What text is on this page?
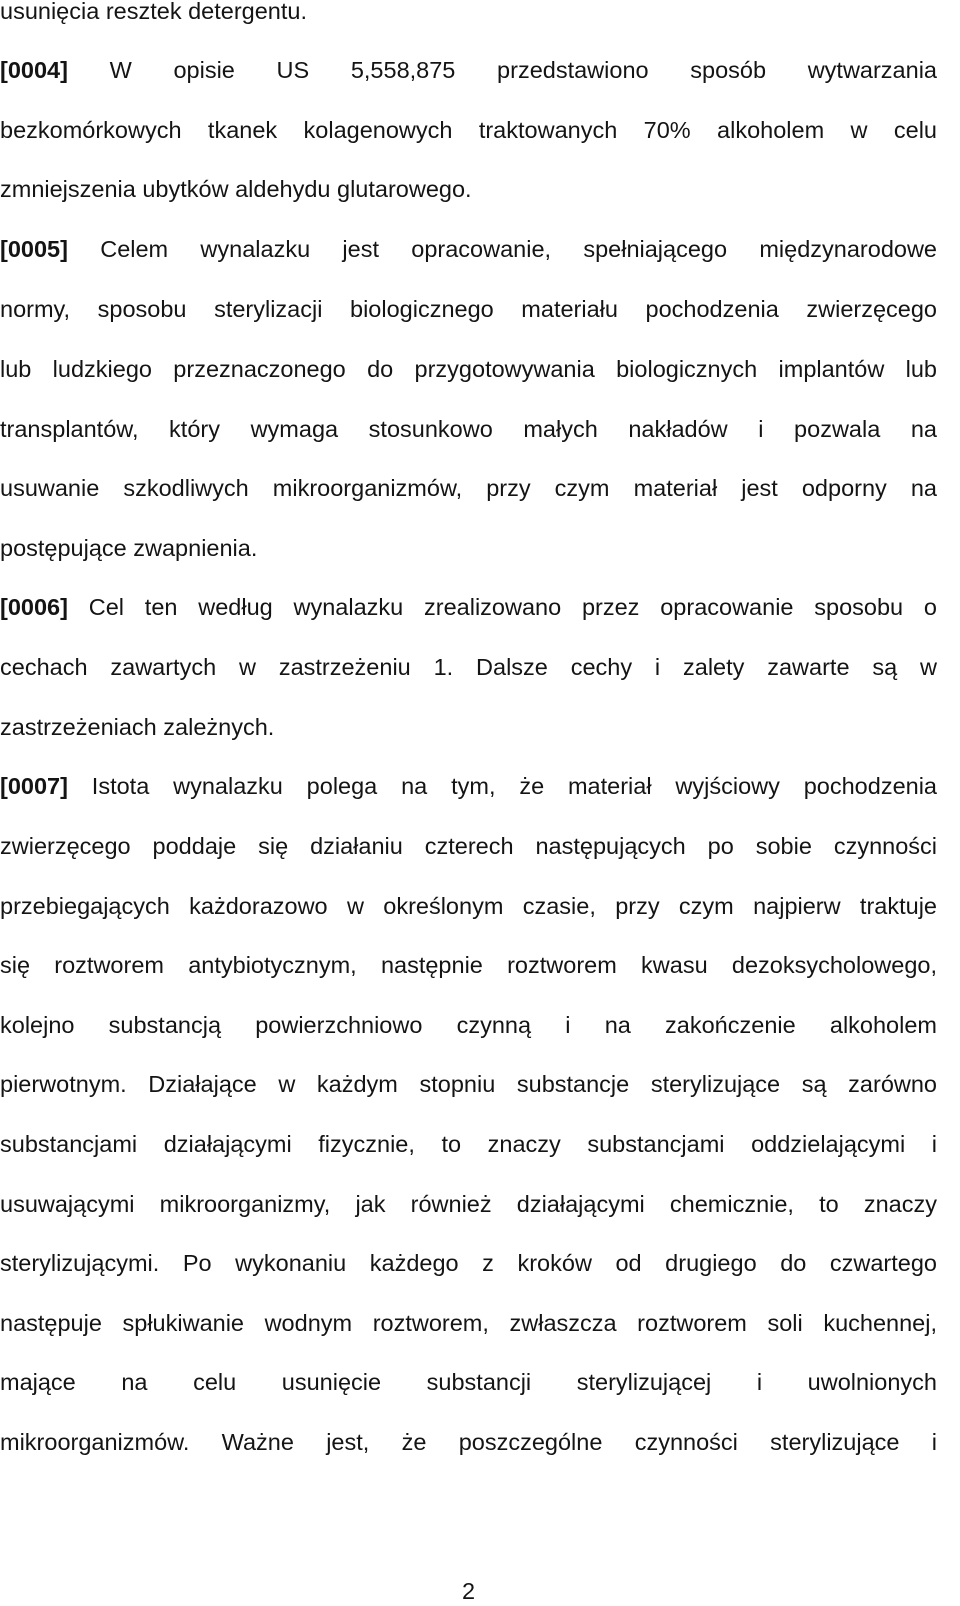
usunięcia resztek detergentu.
[0004] W opisie US 5,558,875 przedstawiono sposób wytwarzania
bezkomórkowych tkanek kolagenowych traktowanych 70% alkoholem w celu
zmniejszenia ubytków aldehydu glutarowego.
[0005] Celem wynalazku jest opracowanie, spełniającego międzynarodowe
normy, sposobu sterylizacji biologicznego materiału pochodzenia zwierzęcego
lub ludzkiego przeznaczonego do przygotowywania biologicznych implantów lub
transplantów, który wymaga stosunkowo małych nakładów i pozwala na
usuwanie szkodliwych mikroorganizmów, przy czym materiał jest odporny na
postępujące zwapnienia.
[0006] Cel ten według wynalazku zrealizowano przez opracowanie sposobu o
cechach zawartych w zastrzeżeniu 1. Dalsze cechy i zalety zawarte są w
zastrzeżeniach zależnych.
[0007] Istota wynalazku polega na tym, że materiał wyjściowy pochodzenia
zwierzęcego poddaje się działaniu czterech następujących po sobie czynności
przebiegających każdorazowo w określonym czasie, przy czym najpierw traktuje
się roztworem antybiotycznym, następnie roztworem kwasu dezoksycholowego,
kolejno substancją powierzchniowo czynną i na zakończenie alkoholem
pierwotnym. Działające w każdym stopniu substancje sterylizujące są zarówno
substancjami działającymi fizycznie, to znaczy substancjami oddzielającymi i
usuwającymi mikroorganizmy, jak również działającymi chemicznie, to znaczy
sterylizującymi. Po wykonaniu każdego z kroków od drugiego do czwartego
następuje spłukiwanie wodnym roztworem, zwłaszcza roztworem soli kuchennej,
mające na celu usunięcie substancji sterylizującej i uwolnionych
mikroorganizmów. Ważne jest, że poszczególne czynności sterylizujące i
2
